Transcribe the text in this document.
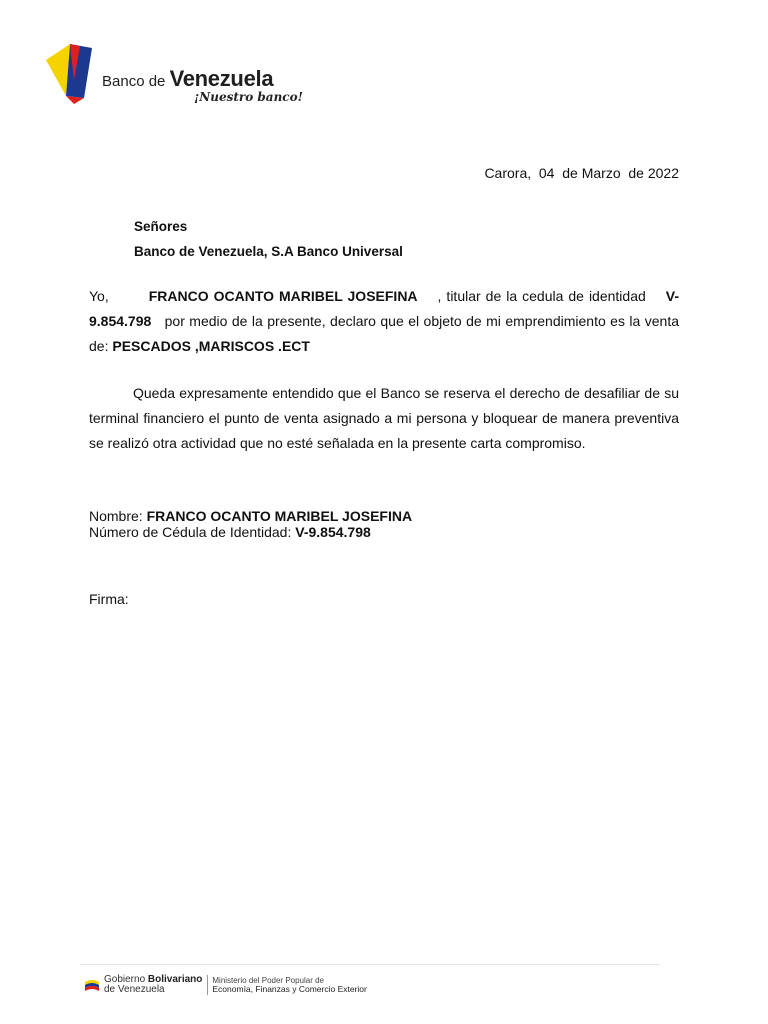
Banco de Venezuela
¡Nuestro banco!
Carora,  04  de Marzo  de 2022
Señores
Banco de Venezuela, S.A Banco Universal

Yo,	FRANCO OCANTO MARIBEL JOSEFINA , titular de la cedula de identidad V-9.854.798 por medio de la presente, declaro que el objeto de mi emprendimiento es la venta de: PESCADOS ,MARISCOS .ECT

Queda expresamente entendido que el Banco se reserva el derecho de desafiliar de su terminal financiero el punto de venta asignado a mi persona y bloquear de manera preventiva se realizó otra actividad que no esté señalada en la presente carta compromiso.

Nombre: FRANCO OCANTO MARIBEL JOSEFINA
Número de Cédula de Identidad: V-9.854.798
Firma:
Gobierno Bolivariano
de Venezuela
Ministerio del Poder Popular de
Economía, Finanzas y Comercio Exterior
